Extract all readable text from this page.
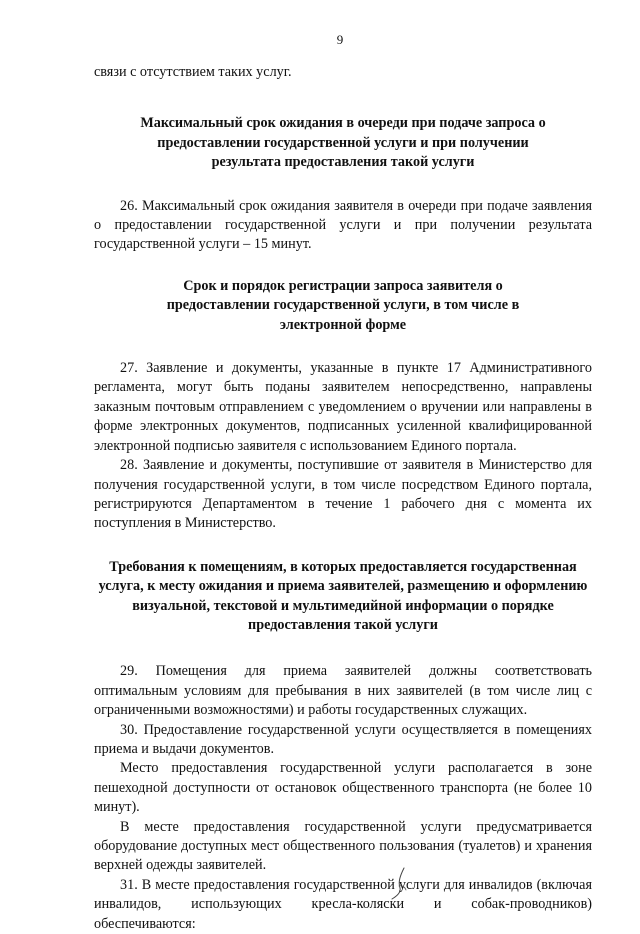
9

связи с отсутствием таких услуг.

Максимальный срок ожидания в очереди при подаче запроса о предоставлении государственной услуги и при получении результата предоставления такой услуги

26. Максимальный срок ожидания заявителя в очереди при подаче заявления о предоставлении государственной услуги и при получении результата государственной услуги – 15 минут.

Срок и порядок регистрации запроса заявителя о предоставлении государственной услуги, в том числе в электронной форме

27. Заявление и документы, указанные в пункте 17 Административного регламента, могут быть поданы заявителем непосредственно, направлены заказным почтовым отправлением с уведомлением о вручении или направлены в форме электронных документов, подписанных усиленной квалифицированной электронной подписью заявителя с использованием Единого портала.

28. Заявление и документы, поступившие от заявителя в Министерство для получения государственной услуги, в том числе посредством Единого портала, регистрируются Департаментом в течение 1 рабочего дня с момента их поступления в Министерство.

Требования к помещениям, в которых предоставляется государственная услуга, к месту ожидания и приема заявителей, размещению и оформлению визуальной, текстовой и мультимедийной информации о порядке предоставления такой услуги

29. Помещения для приема заявителей должны соответствовать оптимальным условиям для пребывания в них заявителей (в том числе лиц с ограниченными возможностями) и работы государственных служащих.

30. Предоставление государственной услуги осуществляется в помещениях приема и выдачи документов.

Место предоставления государственной услуги располагается в зоне пешеходной доступности от остановок общественного транспорта (не более 10 минут).

В месте предоставления государственной услуги предусматривается оборудование доступных мест общественного пользования (туалетов) и хранения верхней одежды заявителей.

31. В месте предоставления государственной услуги для инвалидов (включая инвалидов, использующих кресла-коляски и собак-проводников) обеспечиваются:
